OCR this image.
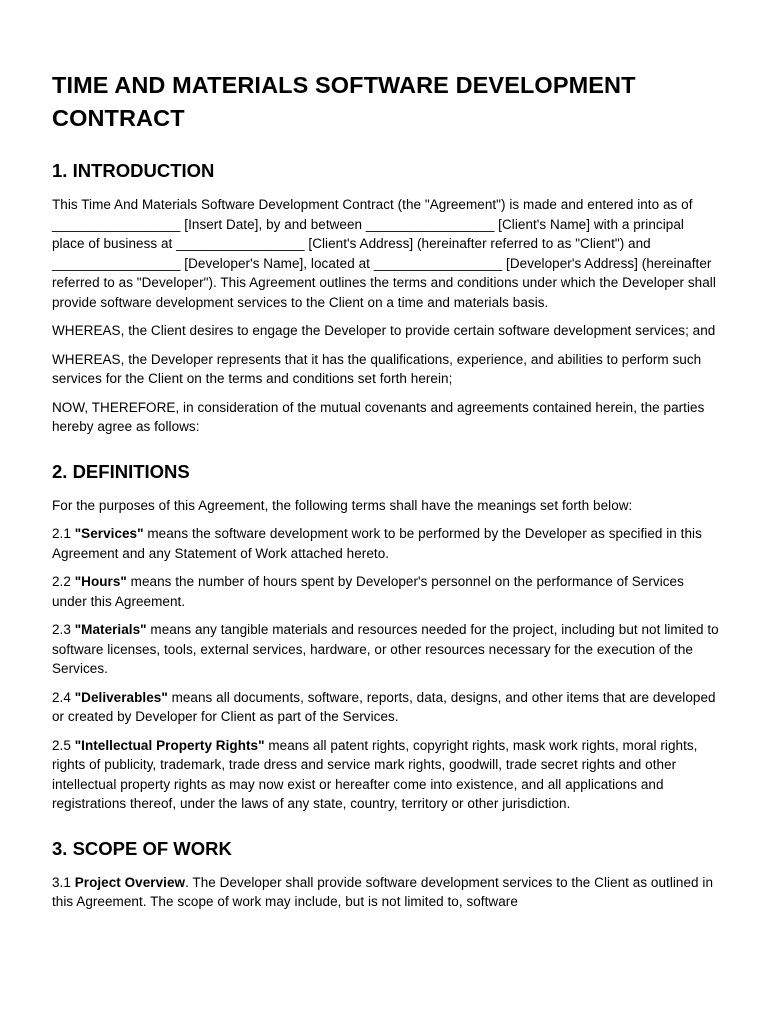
TIME AND MATERIALS SOFTWARE DEVELOPMENT CONTRACT
1. INTRODUCTION

This Time And Materials Software Development Contract (the "Agreement") is made and entered into as of _________________ [Insert Date], by and between _________________ [Client's Name] with a principal place of business at _________________ [Client's Address] (hereinafter referred to as "Client") and _________________ [Developer's Name], located at _________________ [Developer's Address] (hereinafter referred to as "Developer"). This Agreement outlines the terms and conditions under which the Developer shall provide software development services to the Client on a time and materials basis.

WHEREAS, the Client desires to engage the Developer to provide certain software development services; and

WHEREAS, the Developer represents that it has the qualifications, experience, and abilities to perform such services for the Client on the terms and conditions set forth herein;

NOW, THEREFORE, in consideration of the mutual covenants and agreements contained herein, the parties hereby agree as follows:

2. DEFINITIONS

For the purposes of this Agreement, the following terms shall have the meanings set forth below:

2.1 "Services" means the software development work to be performed by the Developer as specified in this Agreement and any Statement of Work attached hereto.

2.2 "Hours" means the number of hours spent by Developer's personnel on the performance of Services under this Agreement.

2.3 "Materials" means any tangible materials and resources needed for the project, including but not limited to software licenses, tools, external services, hardware, or other resources necessary for the execution of the Services.

2.4 "Deliverables" means all documents, software, reports, data, designs, and other items that are developed or created by Developer for Client as part of the Services.

2.5 "Intellectual Property Rights" means all patent rights, copyright rights, mask work rights, moral rights, rights of publicity, trademark, trade dress and service mark rights, goodwill, trade secret rights and other intellectual property rights as may now exist or hereafter come into existence, and all applications and registrations thereof, under the laws of any state, country, territory or other jurisdiction.

3. SCOPE OF WORK

3.1 Project Overview. The Developer shall provide software development services to the Client as outlined in this Agreement. The scope of work may include, but is not limited to, software
